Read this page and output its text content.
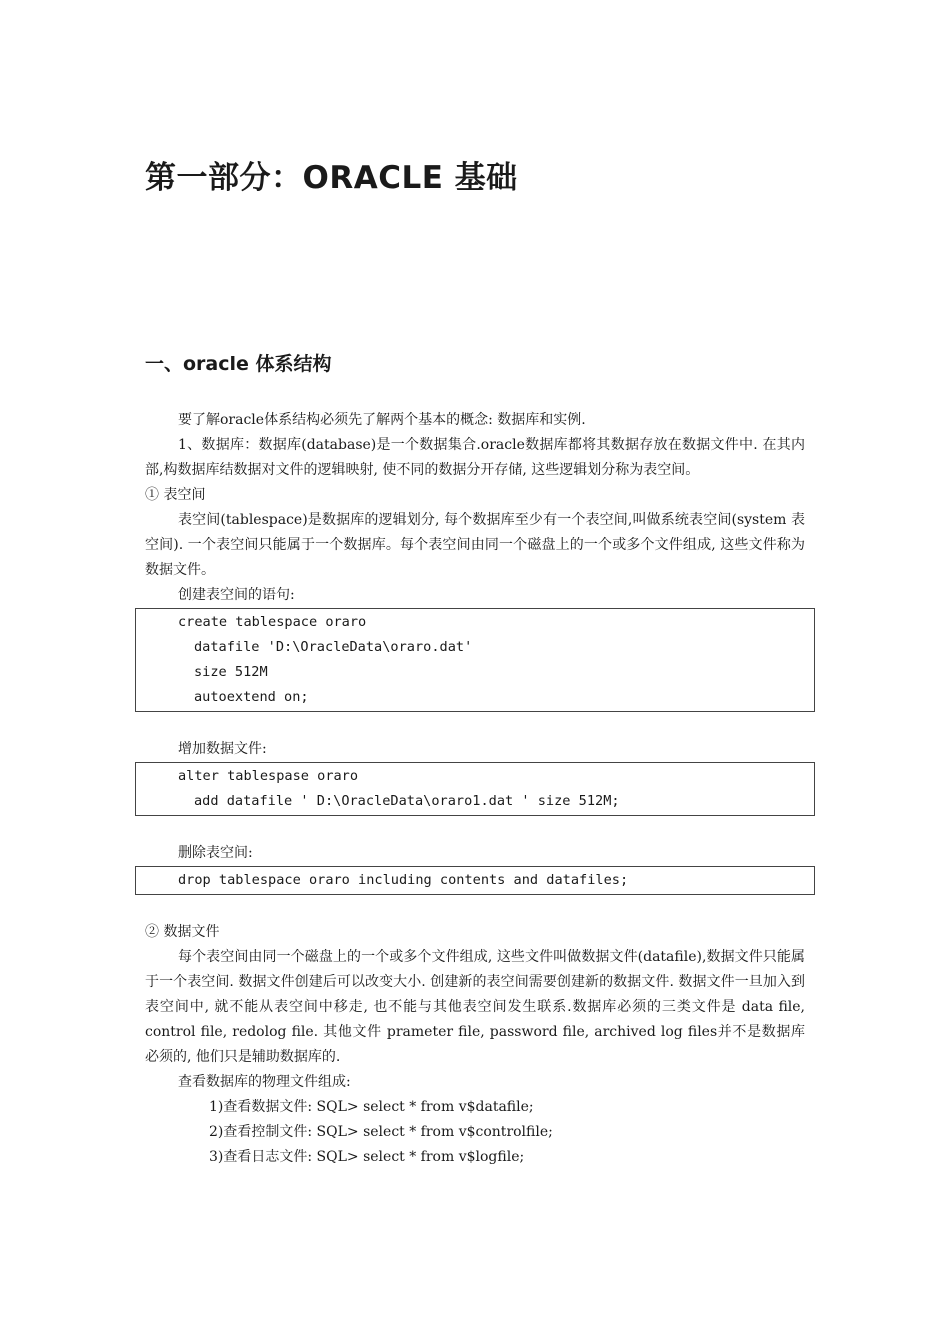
第一部分：ORACLE 基础
一、oracle 体系结构

要了解oracle体系结构必须先了解两个基本的概念: 数据库和实例.

1、数据库：数据库(database)是一个数据集合.oracle数据库都将其数据存放在数据文件中. 在其内部,构数据库结数据对文件的逻辑映射, 使不同的数据分开存储, 这些逻辑划分称为表空间。

① 表空间

表空间(tablespace)是数据库的逻辑划分, 每个数据库至少有一个表空间,叫做系统表空间(system 表空间). 一个表空间只能属于一个数据库。每个表空间由同一个磁盘上的一个或多个文件组成, 这些文件称为数据文件。

创建表空间的语句:

create tablespace oraro
datafile 'D:\OracleData\oraro.dat'
size 512M
autoextend on;

增加数据文件:

alter tablespase oraro
add datafile ' D:\OracleData\oraro1.dat ' size 512M;

删除表空间:

drop tablespace oraro including contents and datafiles;

② 数据文件

每个表空间由同一个磁盘上的一个或多个文件组成, 这些文件叫做数据文件(datafile),数据文件只能属于一个表空间. 数据文件创建后可以改变大小. 创建新的表空间需要创建新的数据文件. 数据文件一旦加入到表空间中, 就不能从表空间中移走, 也不能与其他表空间发生联系.数据库必须的三类文件是 data file, control file, redolog file. 其他文件 prameter file, password file, archived log files并不是数据库必须的, 他们只是辅助数据库的.

查看数据库的物理文件组成:

1)查看数据文件: SQL> select * from v$datafile;

2)查看控制文件: SQL> select * from v$controlfile;

3)查看日志文件: SQL> select * from v$logfile;
